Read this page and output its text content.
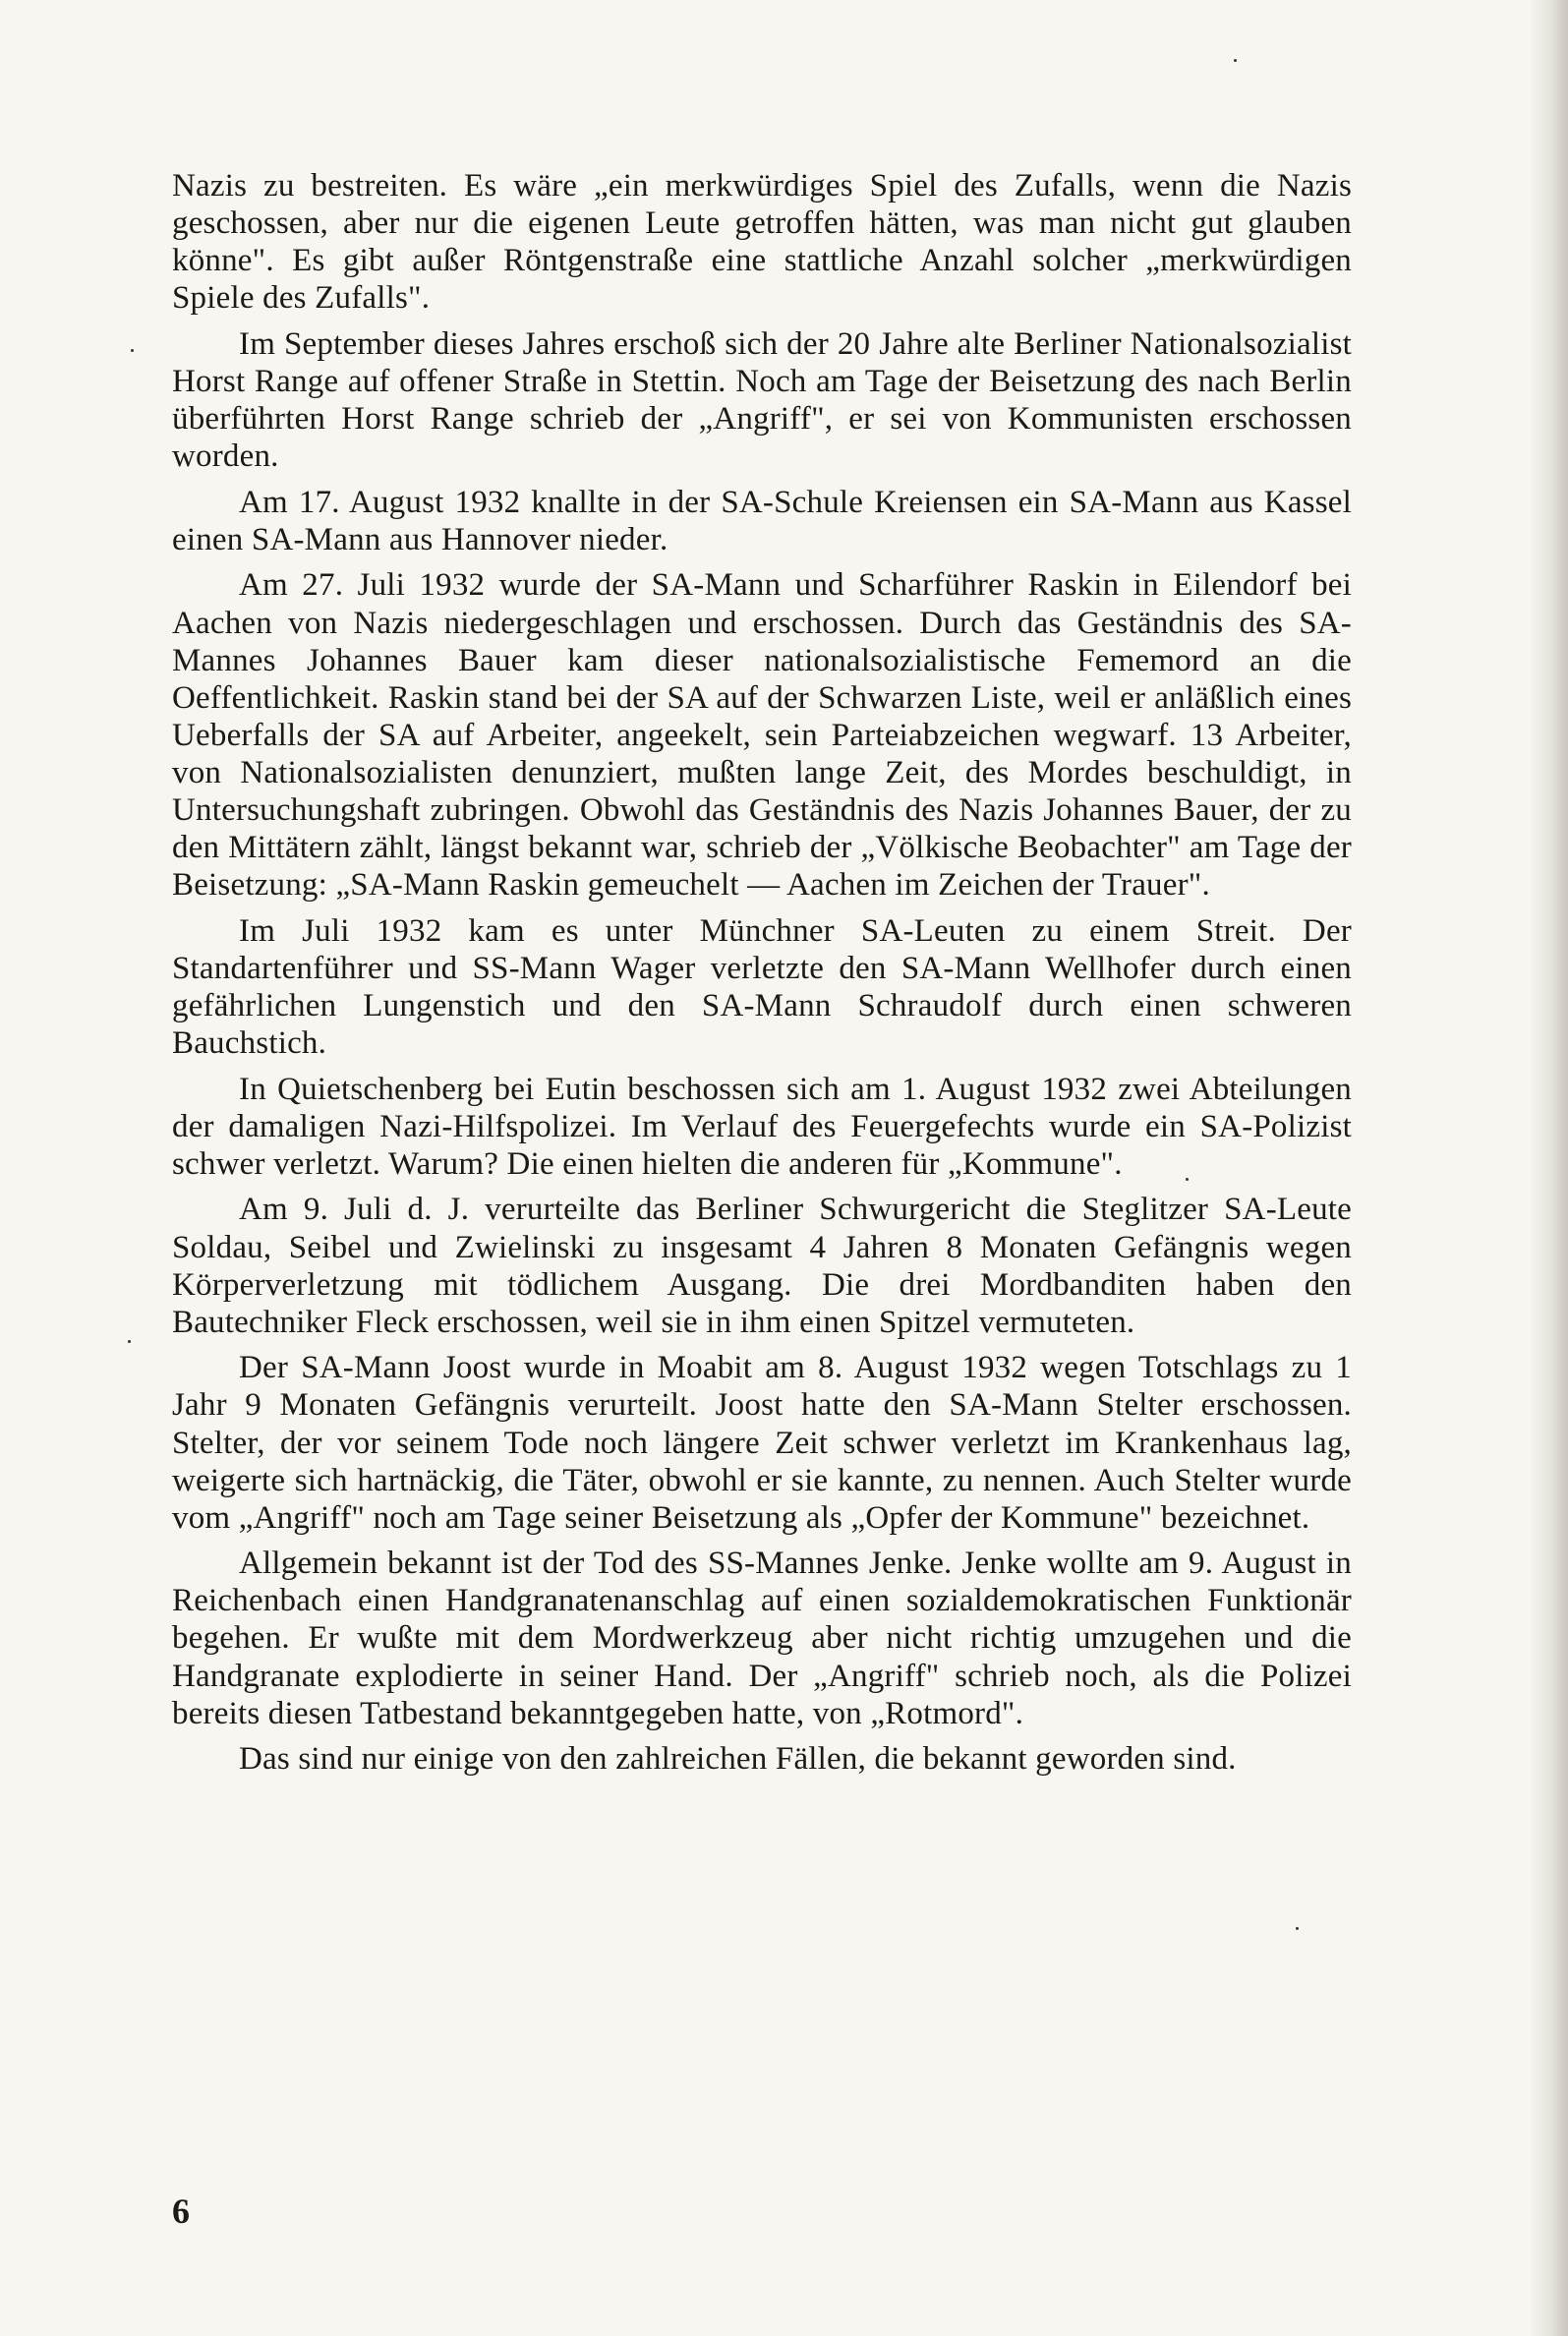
Nazis zu bestreiten. Es wäre „ein merkwürdiges Spiel des Zufalls, wenn die Nazis geschossen, aber nur die eigenen Leute getroffen hätten, was man nicht gut glauben könne". Es gibt außer Röntgenstraße eine stattliche Anzahl solcher „merkwürdigen Spiele des Zufalls".

Im September dieses Jahres erschoß sich der 20 Jahre alte Berliner Nationalsozialist Horst Range auf offener Straße in Stettin. Noch am Tage der Beisetzung des nach Berlin überführten Horst Range schrieb der „Angriff", er sei von Kommunisten erschossen worden.

Am 17. August 1932 knallte in der SA-Schule Kreiensen ein SA-Mann aus Kassel einen SA-Mann aus Hannover nieder.

Am 27. Juli 1932 wurde der SA-Mann und Scharführer Raskin in Eilendorf bei Aachen von Nazis niedergeschlagen und erschossen. Durch das Geständnis des SA-Mannes Johannes Bauer kam dieser nationalsozialistische Fememord an die Oeffentlichkeit. Raskin stand bei der SA auf der Schwarzen Liste, weil er anläßlich eines Ueberfalls der SA auf Arbeiter, angeekelt, sein Parteiabzeichen wegwarf. 13 Arbeiter, von Nationalsozialisten denunziert, mußten lange Zeit, des Mordes beschuldigt, in Untersuchungshaft zubringen. Obwohl das Geständnis des Nazis Johannes Bauer, der zu den Mittätern zählt, längst bekannt war, schrieb der „Völkische Beobachter" am Tage der Beisetzung: „SA-Mann Raskin gemeuchelt — Aachen im Zeichen der Trauer".

Im Juli 1932 kam es unter Münchner SA-Leuten zu einem Streit. Der Standartenführer und SS-Mann Wager verletzte den SA-Mann Wellhofer durch einen gefährlichen Lungenstich und den SA-Mann Schraudolf durch einen schweren Bauchstich.

In Quietschenberg bei Eutin beschossen sich am 1. August 1932 zwei Abteilungen der damaligen Nazi-Hilfspolizei. Im Verlauf des Feuergefechts wurde ein SA-Polizist schwer verletzt. Warum? Die einen hielten die anderen für „Kommune".

Am 9. Juli d. J. verurteilte das Berliner Schwurgericht die Steglitzer SA-Leute Soldau, Seibel und Zwielinski zu insgesamt 4 Jahren 8 Monaten Gefängnis wegen Körperverletzung mit tödlichem Ausgang. Die drei Mordbanditen haben den Bautechniker Fleck erschossen, weil sie in ihm einen Spitzel vermuteten.

Der SA-Mann Joost wurde in Moabit am 8. August 1932 wegen Totschlags zu 1 Jahr 9 Monaten Gefängnis verurteilt. Joost hatte den SA-Mann Stelter erschossen. Stelter, der vor seinem Tode noch längere Zeit schwer verletzt im Krankenhaus lag, weigerte sich hartnäckig, die Täter, obwohl er sie kannte, zu nennen. Auch Stelter wurde vom „Angriff" noch am Tage seiner Beisetzung als „Opfer der Kommune" bezeichnet.

Allgemein bekannt ist der Tod des SS-Mannes Jenke. Jenke wollte am 9. August in Reichenbach einen Handgranatenanschlag auf einen sozialdemokratischen Funktionär begehen. Er wußte mit dem Mordwerkzeug aber nicht richtig umzugehen und die Handgranate explodierte in seiner Hand. Der „Angriff" schrieb noch, als die Polizei bereits diesen Tatbestand bekanntgegeben hatte, von „Rotmord".

Das sind nur einige von den zahlreichen Fällen, die bekannt geworden sind.

6
